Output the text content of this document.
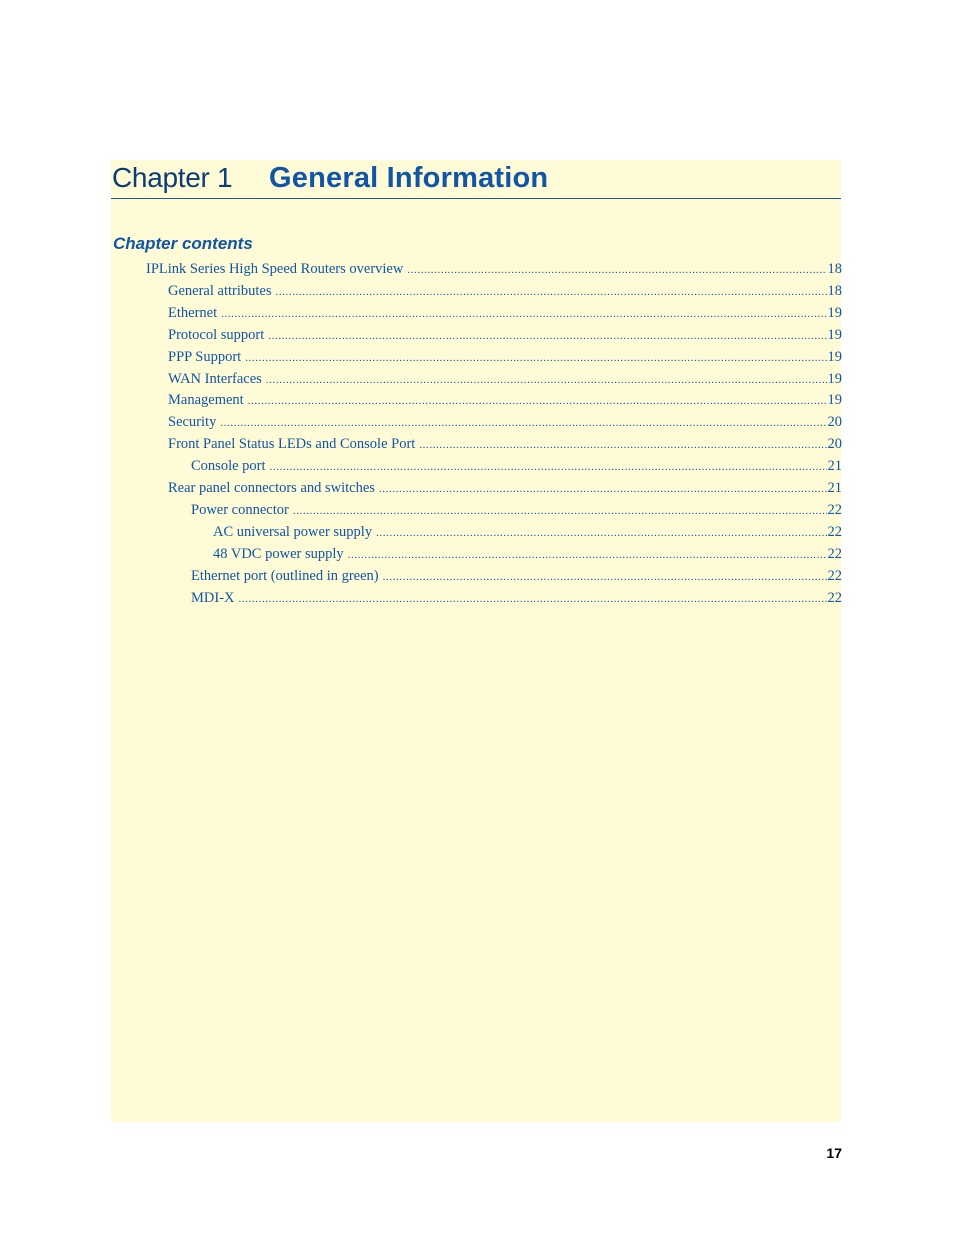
Chapter 1 General Information
Chapter contents
IPLink Series High Speed Routers overview .....	18
General attributes .....	18
Ethernet .....	19
Protocol support .....	19
PPP Support .....	19
WAN Interfaces .....	19
Management .....	19
Security .....	20
Front Panel Status LEDs and Console Port .....	20
Console port .....	21
Rear panel connectors and switches .....	21
Power connector .....	22
AC universal power supply .....	22
48 VDC power supply .....	22
Ethernet port (outlined in green) .....	22
MDI-X .....	22
17
